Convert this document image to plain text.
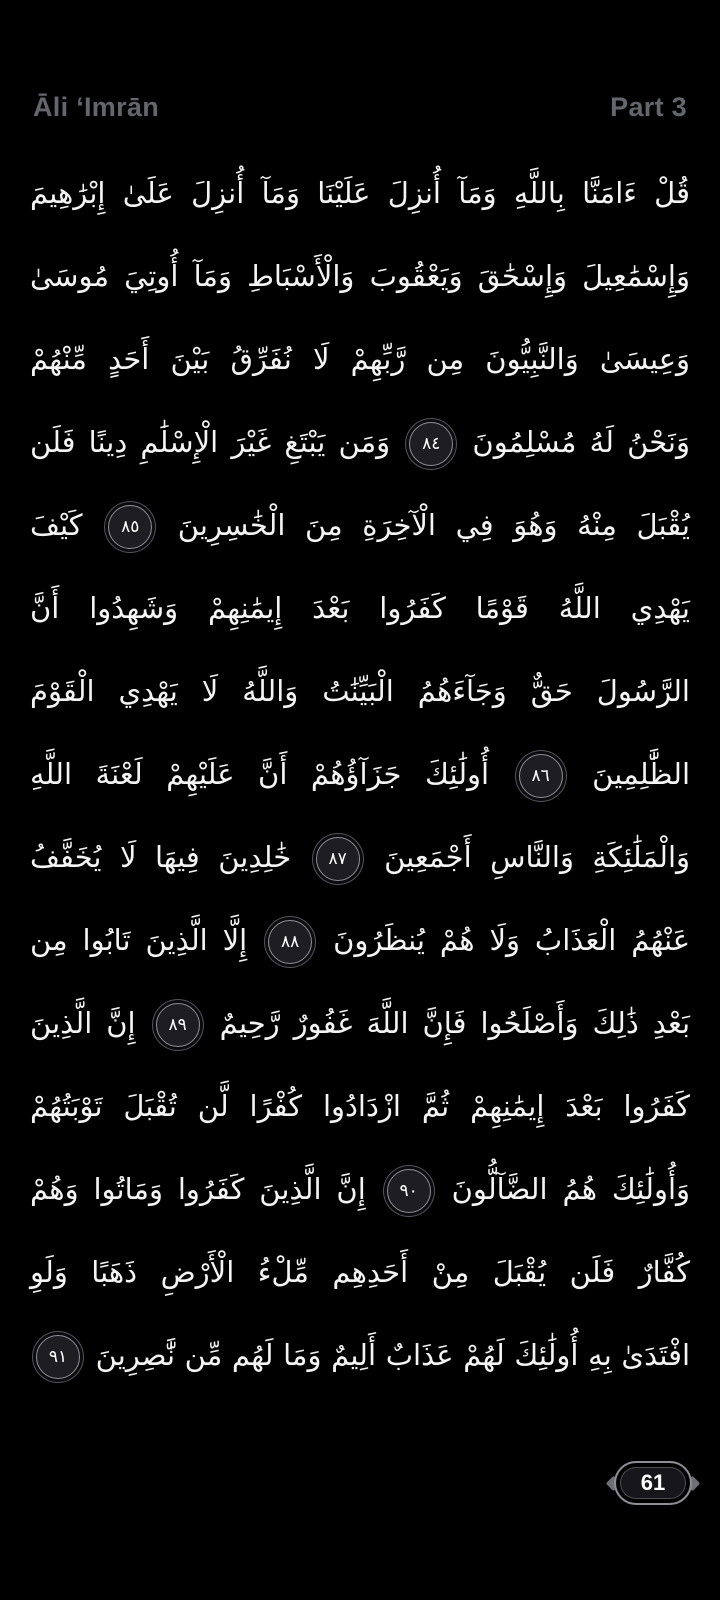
Āli ‘Imrān	Part 3
قُلْ ءَامَنَّا بِاللَّهِ وَمَآ أُنزِلَ عَلَيْنَا وَمَآ أُنزِلَ عَلَىٰ إِبْرَٰهِيمَ
وَإِسْمَٰعِيلَ وَإِسْحَٰقَ وَيَعْقُوبَ وَالْأَسْبَاطِ وَمَآ أُوتِيَ مُوسَىٰ
وَعِيسَىٰ وَالنَّبِيُّونَ مِن رَّبِّهِمْ لَا نُفَرِّقُ بَيْنَ أَحَدٍ مِّنْهُمْ
وَنَحْنُ لَهُ مُسْلِمُونَ
٨٤
وَمَن يَبْتَغِ غَيْرَ الْإِسْلَٰمِ دِينًا فَلَن
يُقْبَلَ مِنْهُ وَهُوَ فِي الْآخِرَةِ مِنَ الْخَٰسِرِينَ
٨٥
كَيْفَ
يَهْدِي اللَّهُ قَوْمًا كَفَرُوا بَعْدَ إِيمَٰنِهِمْ وَشَهِدُوا أَنَّ
الرَّسُولَ حَقٌّ وَجَآءَهُمُ الْبَيِّنَٰتُ وَاللَّهُ لَا يَهْدِي الْقَوْمَ
الظَّٰلِمِينَ
٨٦
أُولَٰئِكَ جَزَآؤُهُمْ أَنَّ عَلَيْهِمْ لَعْنَةَ اللَّهِ
وَالْمَلَٰئِكَةِ وَالنَّاسِ أَجْمَعِينَ
٨٧
خَٰلِدِينَ فِيهَا لَا يُخَفَّفُ
عَنْهُمُ الْعَذَابُ وَلَا هُمْ يُنظَرُونَ
٨٨
إِلَّا الَّذِينَ تَابُوا مِن
بَعْدِ ذَٰلِكَ وَأَصْلَحُوا فَإِنَّ اللَّهَ غَفُورٌ رَّحِيمٌ
٨٩
إِنَّ الَّذِينَ
كَفَرُوا بَعْدَ إِيمَٰنِهِمْ ثُمَّ ازْدَادُوا كُفْرًا لَّن تُقْبَلَ تَوْبَتُهُمْ
وَأُولَٰئِكَ هُمُ الضَّآلُّونَ
٩٠
إِنَّ الَّذِينَ كَفَرُوا وَمَاتُوا وَهُمْ
كُفَّارٌ فَلَن يُقْبَلَ مِنْ أَحَدِهِم مِّلْءُ الْأَرْضِ ذَهَبًا وَلَوِ
افْتَدَىٰ بِهِ أُولَٰئِكَ لَهُمْ عَذَابٌ أَلِيمٌ وَمَا لَهُم مِّن نَّٰصِرِينَ
٩١
61
